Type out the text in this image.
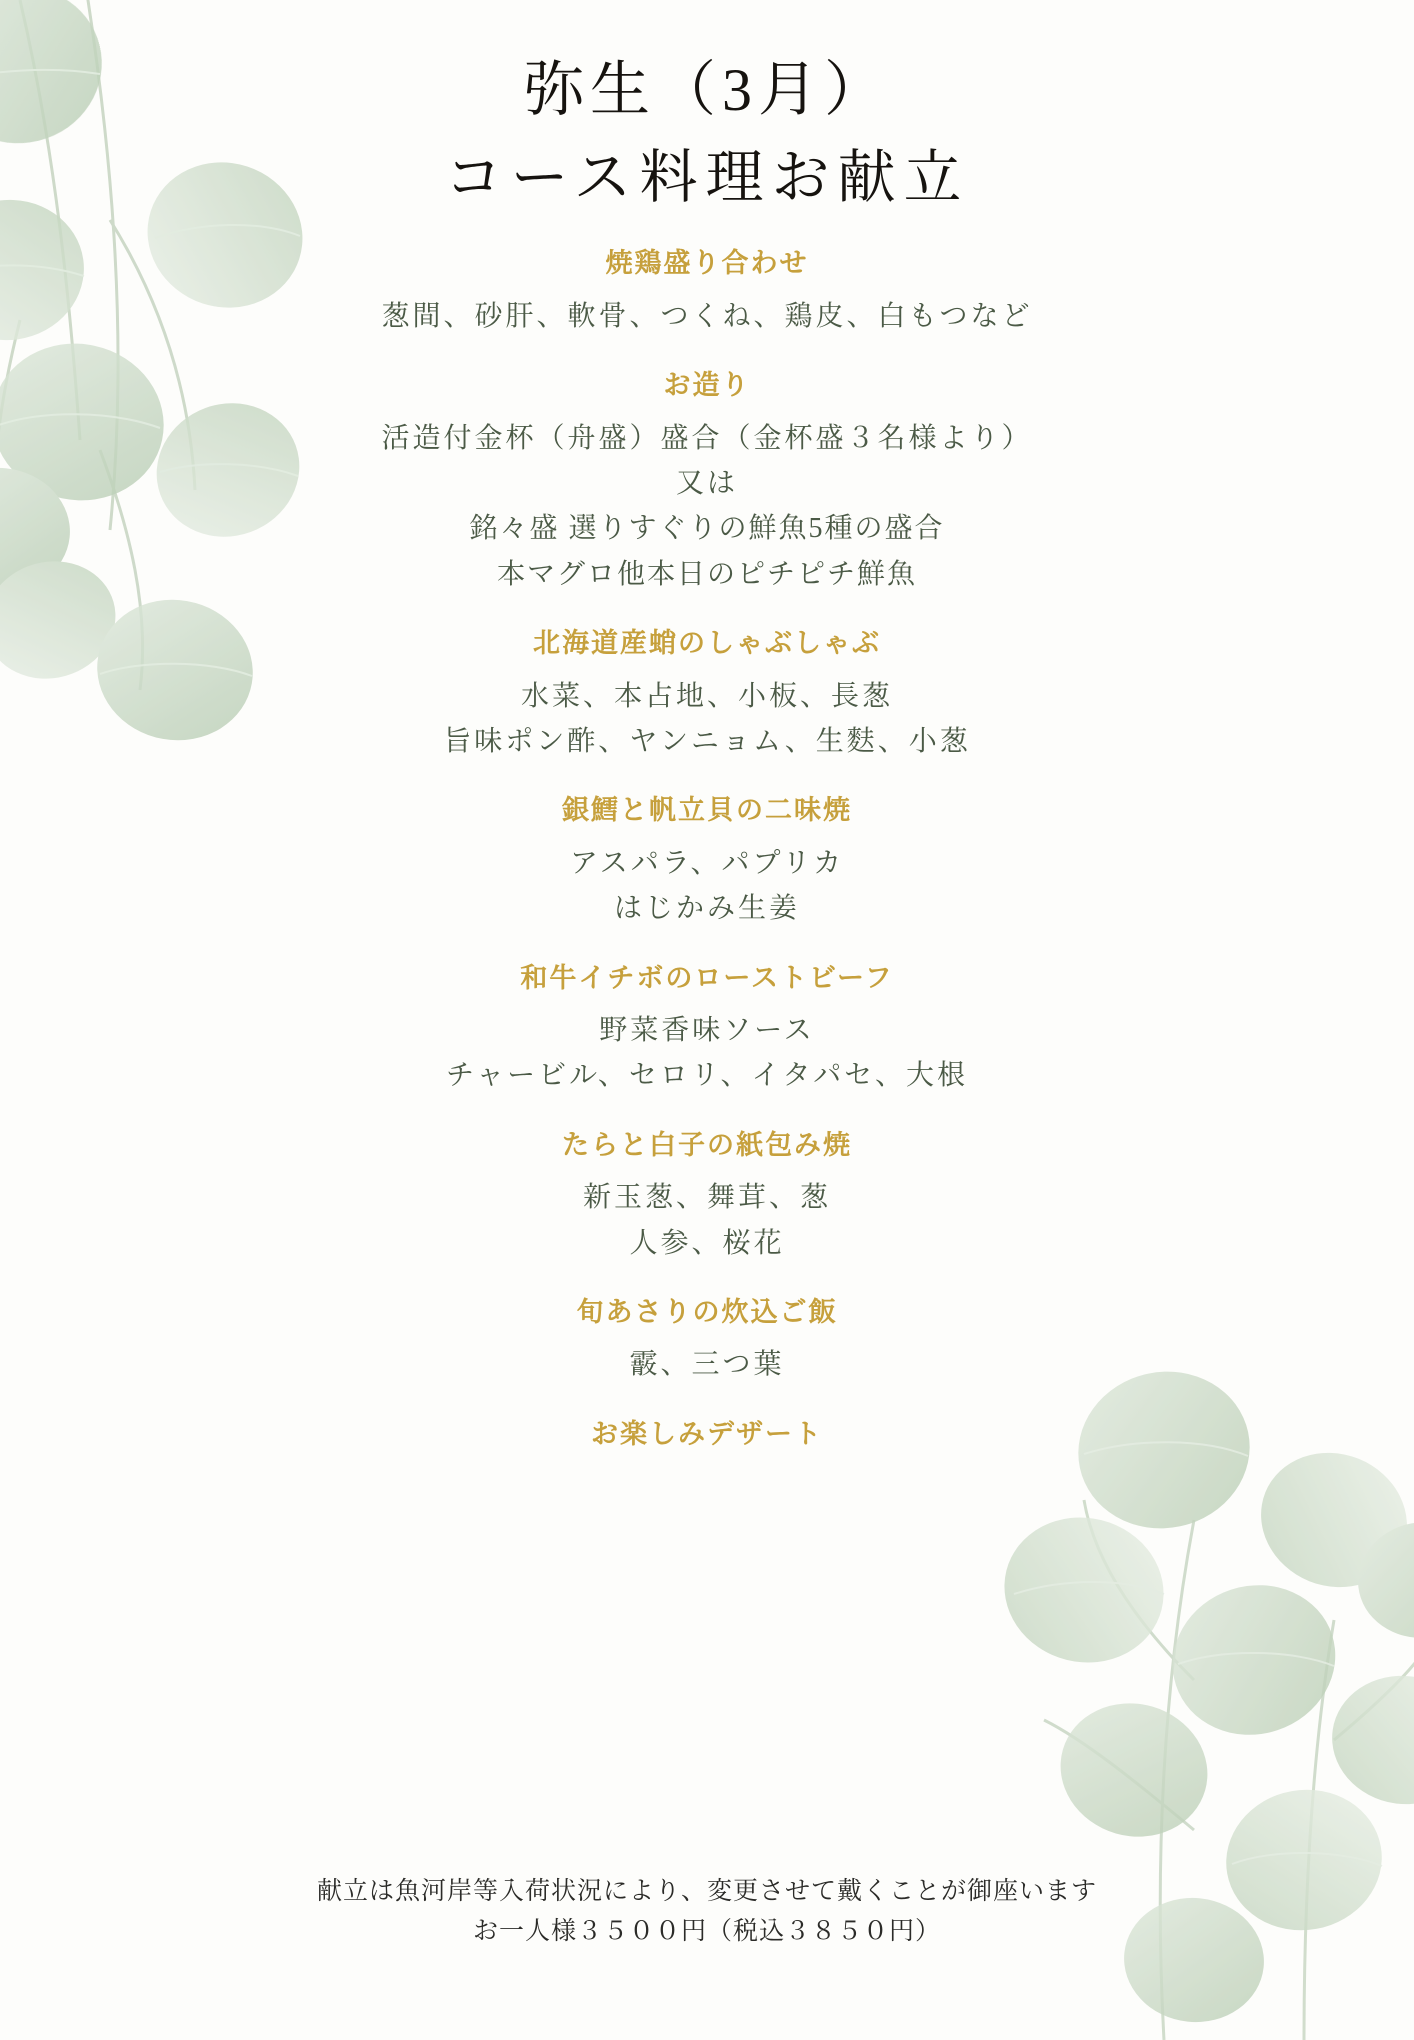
弥生（3月）
コース料理お献立
焼鶏盛り合わせ
葱間、砂肝、軟骨、つくね、鶏皮、白もつなど
お造り
活造付金杯（舟盛）盛合（金杯盛３名様より）
又は
銘々盛 選りすぐりの鮮魚5種の盛合
本マグロ他本日のピチピチ鮮魚
北海道産蛸のしゃぶしゃぶ
水菜、本占地、小板、長葱
旨味ポン酢、ヤンニョム、生麩、小葱
銀鱈と帆立貝の二味焼
アスパラ、パプリカ
はじかみ生姜
和牛イチボのローストビーフ
野菜香味ソース
チャービル、セロリ、イタパセ、大根
たらと白子の紙包み焼
新玉葱、舞茸、葱
人参、桜花
旬あさりの炊込ご飯
霰、三つ葉
お楽しみデザート
献立は魚河岸等入荷状況により、変更させて戴くことが御座います
お一人様３５００円（税込３８５０円）
